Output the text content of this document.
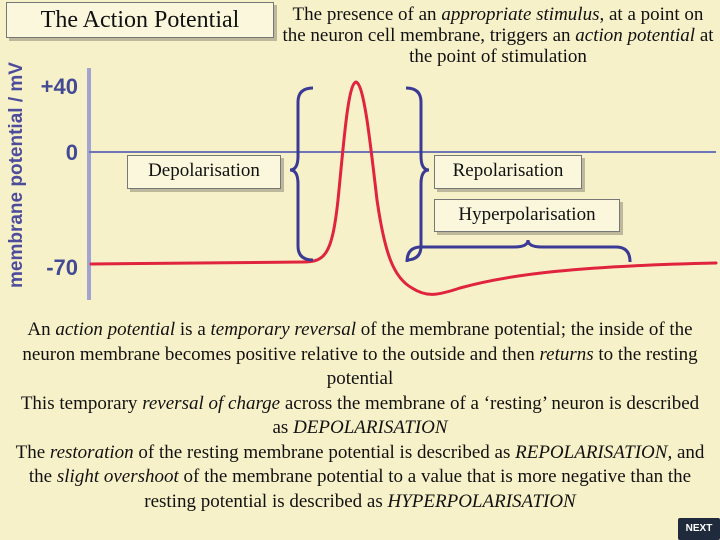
The Action Potential	The presence of an appropriate stimulus, at a point on the neuron cell membrane, triggers an action potential at the point of stimulation
membrane potential / mV +40
0
-70
Depolarisation	Repolarisation
Hyperpolarisation

An action potential is a temporary reversal of the membrane potential; the inside of the neuron membrane becomes positive relative to the outside and then returns to the resting potential

This temporary reversal of charge across the membrane of a ‘resting’ neuron is described as DEPOLARISATION

The restoration of the resting membrane potential is described as REPOLARISATION, and the slight overshoot of the membrane potential to a value that is more negative than the resting potential is described as HYPERPOLARISATION

NEXT
